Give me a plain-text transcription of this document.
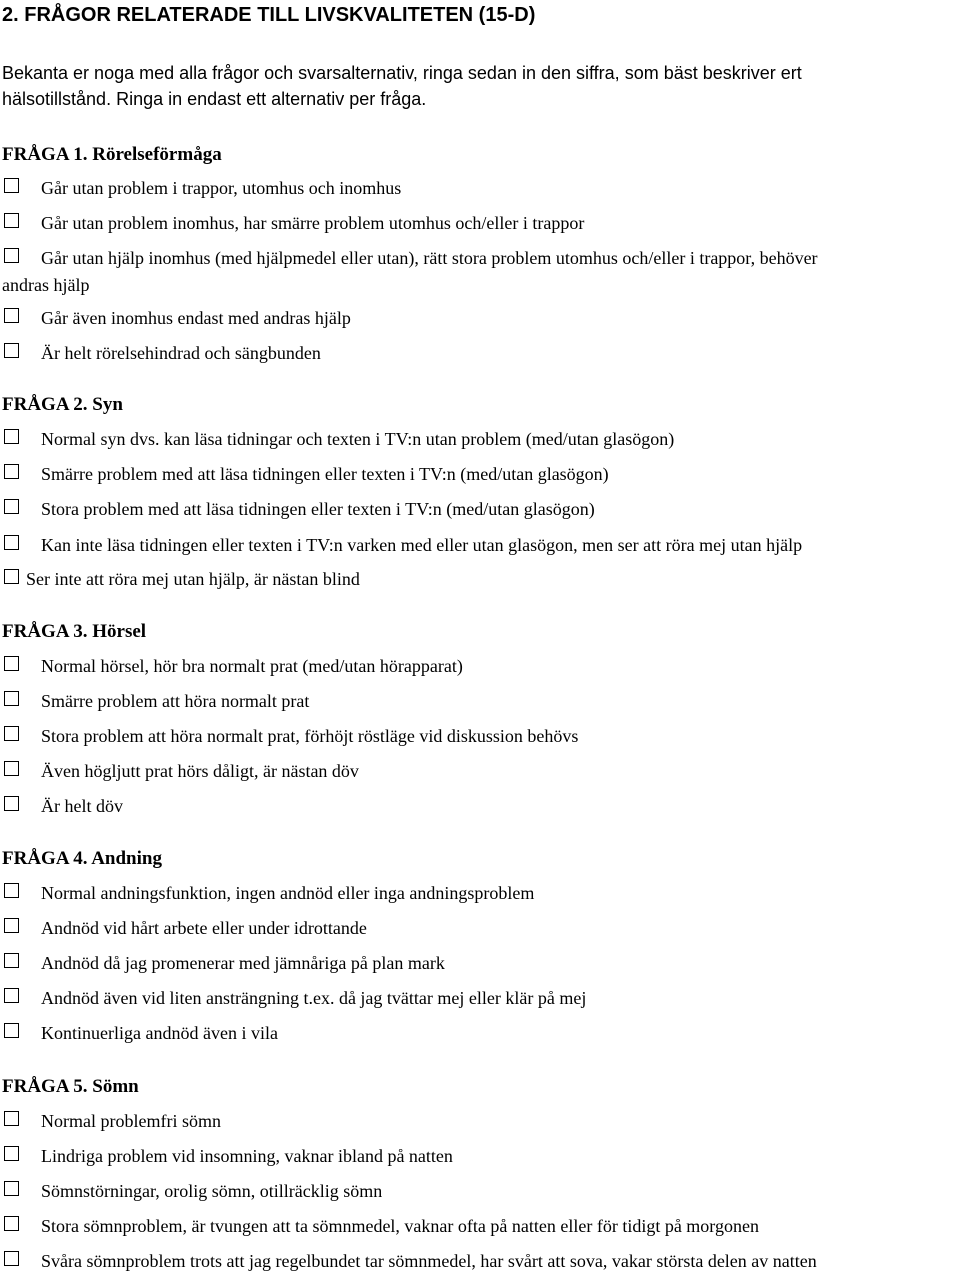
2. FRÅGOR RELATERADE TILL LIVSKVALITETEN (15-D)
Bekanta er noga med alla frågor och svarsalternativ, ringa sedan in den siffra, som bäst beskriver ert
hälsotillstånd. Ringa in endast ett alternativ per fråga.
FRÅGA 1. Rörelseförmåga
Går utan problem i trappor, utomhus och inomhus
Går utan problem inomhus, har smärre problem utomhus och/eller i trappor
Går utan hjälp inomhus (med hjälpmedel eller utan), rätt stora problem utomhus och/eller i trappor, behöver
andras hjälp
Går även inomhus endast med andras hjälp
Är helt rörelsehindrad och sängbunden
FRÅGA 2. Syn
Normal syn dvs. kan läsa tidningar och texten i TV:n utan problem (med/utan glasögon)
Smärre problem med att läsa tidningen eller texten i TV:n (med/utan glasögon)
Stora problem med att läsa tidningen eller texten i TV:n (med/utan glasögon)
Kan inte läsa tidningen eller texten i TV:n varken med eller utan glasögon, men ser att röra mej utan hjälp
Ser inte att röra mej utan hjälp, är nästan blind
FRÅGA 3. Hörsel
Normal hörsel, hör bra normalt prat (med/utan hörapparat)
Smärre problem att höra normalt prat
Stora problem att höra normalt prat, förhöjt röstläge vid diskussion behövs
Även högljutt prat hörs dåligt, är nästan döv
Är helt döv
FRÅGA 4. Andning
Normal andningsfunktion, ingen andnöd eller inga andningsproblem
Andnöd vid hårt arbete eller under idrottande
Andnöd då jag promenerar med jämnåriga på plan mark
Andnöd även vid liten ansträngning t.ex. då jag tvättar mej eller klär på mej
Kontinuerliga andnöd även i vila
FRÅGA 5. Sömn
Normal problemfri sömn
Lindriga problem vid insomning, vaknar ibland på natten
Sömnstörningar, orolig sömn, otillräcklig sömn
Stora sömnproblem, är tvungen att ta sömnmedel, vaknar ofta på natten eller för tidigt på morgonen
Svåra sömnproblem trots att jag regelbundet tar sömnmedel, har svårt att sova, vakar största delen av natten
